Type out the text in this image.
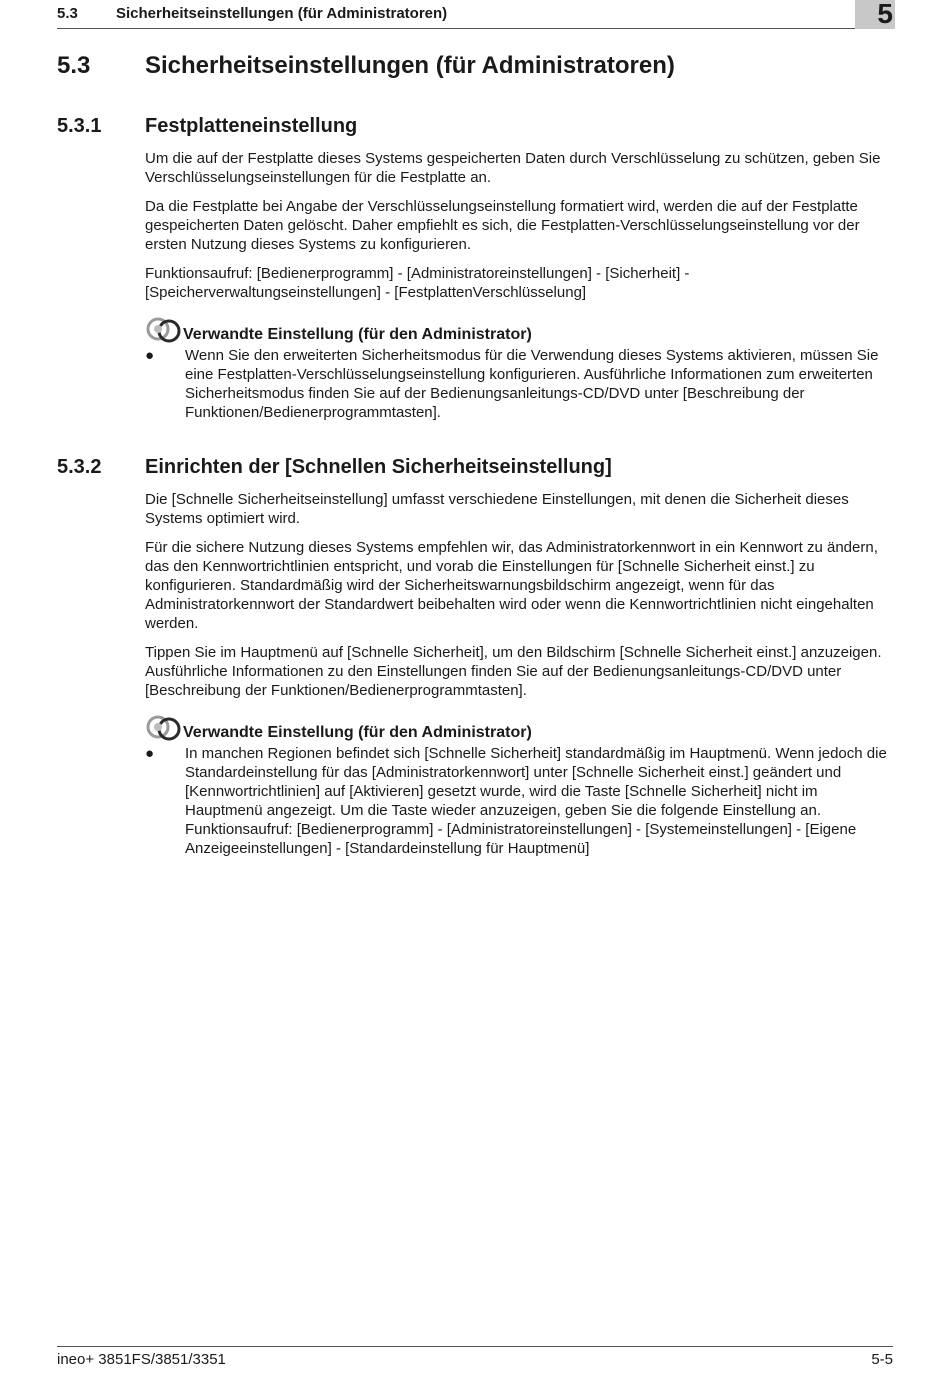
5.3	Sicherheitseinstellungen (für Administratoren)	5
5.3 Sicherheitseinstellungen (für Administratoren)
5.3.1 Festplatteneinstellung

Um die auf der Festplatte dieses Systems gespeicherten Daten durch Verschlüsselung zu schützen, geben Sie Verschlüsselungseinstellungen für die Festplatte an.

Da die Festplatte bei Angabe der Verschlüsselungseinstellung formatiert wird, werden die auf der Festplatte gespeicherten Daten gelöscht. Daher empfiehlt es sich, die Festplatten-Verschlüsselungseinstellung vor der ersten Nutzung dieses Systems zu konfigurieren.

Funktionsaufruf: [Bedienerprogramm] - [Administratoreinstellungen] - [Sicherheit] - [Speicherverwaltungseinstellungen] - [FestplattenVerschlüsselung]

Verwandte Einstellung (für den Administrator)
● Wenn Sie den erweiterten Sicherheitsmodus für die Verwendung dieses Systems aktivieren, müssen Sie eine Festplatten-Verschlüsselungseinstellung konfigurieren. Ausführliche Informationen zum erweiterten Sicherheitsmodus finden Sie auf der Bedienungsanleitungs-CD/DVD unter [Beschreibung der Funktionen/Bedienerprogrammtasten].

5.3.2 Einrichten der [Schnellen Sicherheitseinstellung]

Die [Schnelle Sicherheitseinstellung] umfasst verschiedene Einstellungen, mit denen die Sicherheit dieses Systems optimiert wird.

Für die sichere Nutzung dieses Systems empfehlen wir, das Administratorkennwort in ein Kennwort zu ändern, das den Kennwortrichtlinien entspricht, und vorab die Einstellungen für [Schnelle Sicherheit einst.] zu konfigurieren. Standardmäßig wird der Sicherheitswarnungsbildschirm angezeigt, wenn für das Administratorkennwort der Standardwert beibehalten wird oder wenn die Kennwortrichtlinien nicht eingehalten werden.

Tippen Sie im Hauptmenü auf [Schnelle Sicherheit], um den Bildschirm [Schnelle Sicherheit einst.] anzuzeigen. Ausführliche Informationen zu den Einstellungen finden Sie auf der Bedienungsanleitungs-CD/DVD unter [Beschreibung der Funktionen/Bedienerprogrammtasten].

Verwandte Einstellung (für den Administrator)
● In manchen Regionen befindet sich [Schnelle Sicherheit] standardmäßig im Hauptmenü. Wenn jedoch die Standardeinstellung für das [Administratorkennwort] unter [Schnelle Sicherheit einst.] geändert und [Kennwortrichtlinien] auf [Aktivieren] gesetzt wurde, wird die Taste [Schnelle Sicherheit] nicht im Hauptmenü angezeigt. Um die Taste wieder anzuzeigen, geben Sie die folgende Einstellung an. Funktionsaufruf: [Bedienerprogramm] - [Administratoreinstellungen] - [Systemeinstellungen] - [Eigene Anzeigeeinstellungen] - [Standardeinstellung für Hauptmenü]

ineo+ 3851FS/3851/3351	5-5
